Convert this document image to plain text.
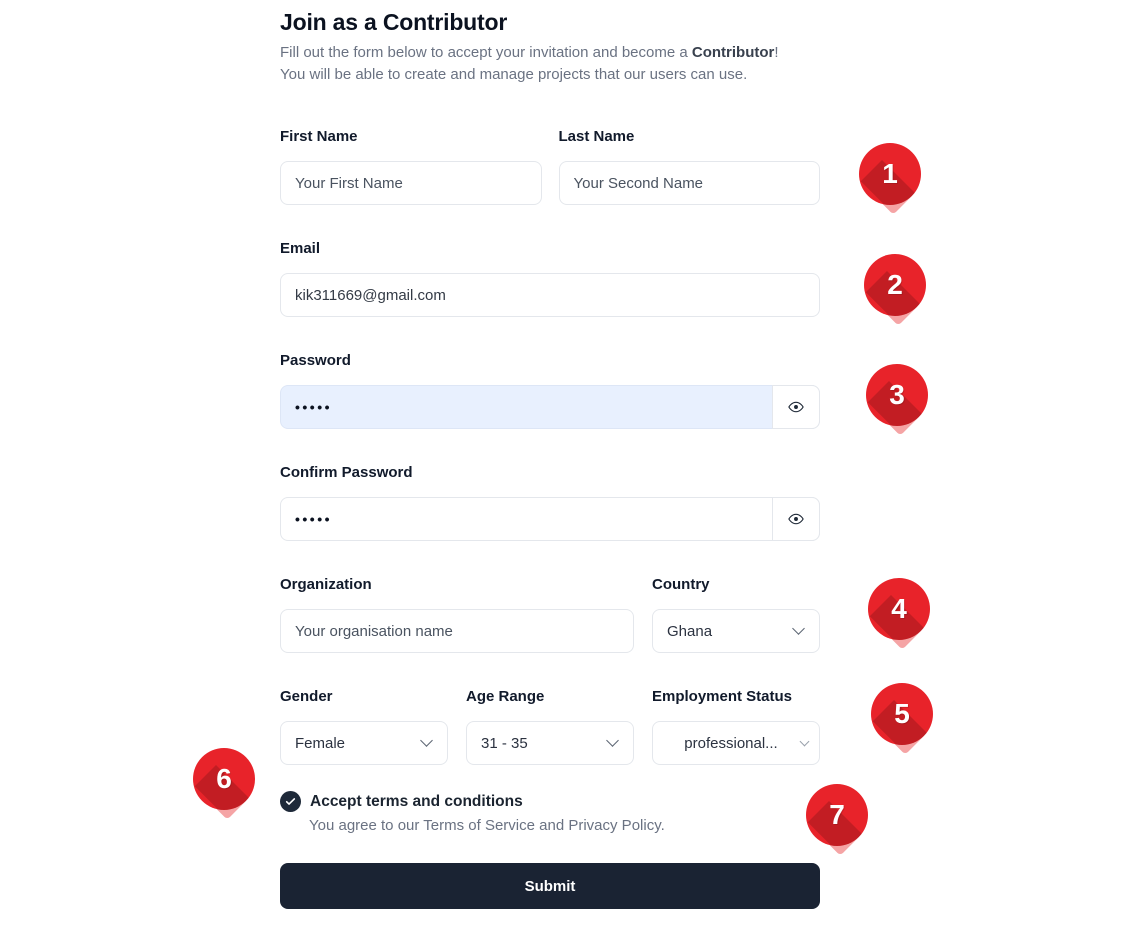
Join as a Contributor

Fill out the form below to accept your invitation and become a Contributor!
You will be able to create and manage projects that our users can use.

First Name
Your First Name	Last Name
Your Second Name
Email
kik311669@gmail.com
Password
•••••
Confirm Password
•••••
Organization
Your organisation name	Country
Ghana
Gender
Female
Age Range
31 - 35
Employment Status
professional...
Accept terms and conditions

You agree to our Terms of Service and Privacy Policy.

Submit
1
2
3
4
5
6
7
